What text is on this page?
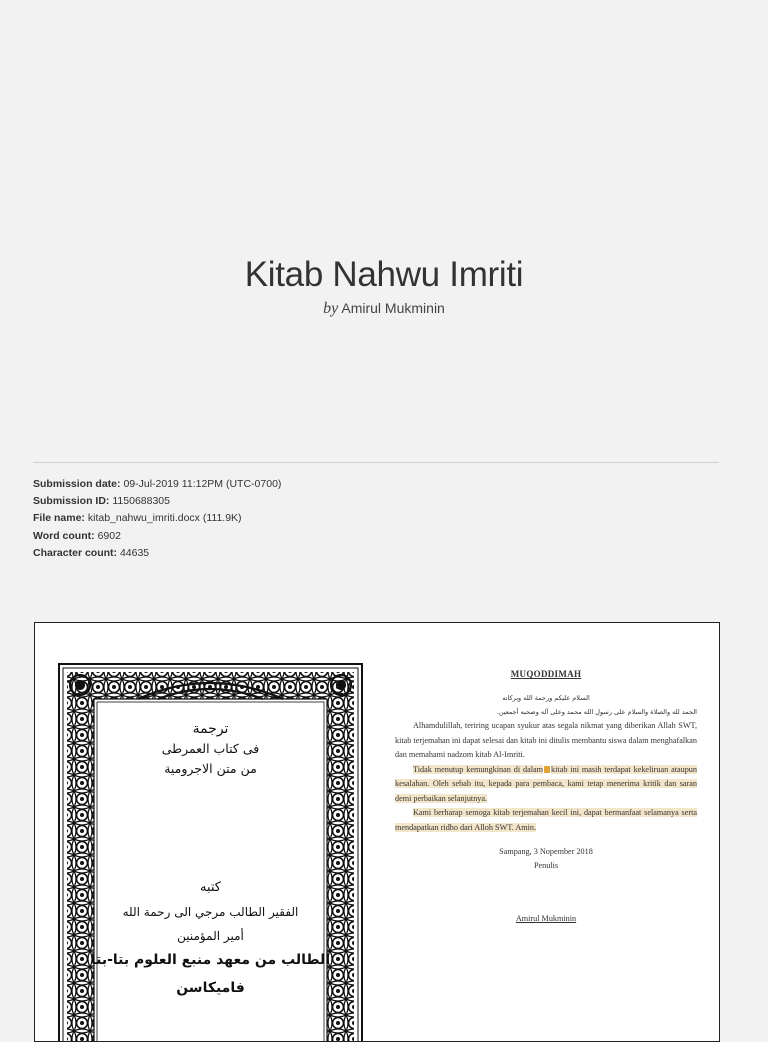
Kitab Nahwu Imriti
by Amirul Mukminin
Submission date: 09-Jul-2019 11:12PM (UTC-0700)
Submission ID: 1150688305
File name: kitab_nahwu_imriti.docx (111.9K)
Word count: 6902
Character count: 44635
ترجمة
فى كتاب العمرطى
من متن الاجرومية
كتبه
الفقير الطالب مرجي الى رحمة الله
أمير المؤمنين
الطالب من معهد منبع العلوم بتا-بتا
فاميكاسن
MUQODDIMAH
السلام عليكم ورحمة الله وبركاته
الحمد لله والصلاة والسلام على رسول الله محمد وعلى آله وصحبه أجمعين.
Alhamdulillah, teriring ucapan syukur atas segala nikmat yang diberikan Allah SWT, kitab terjemahan ini dapat selesai dan kitab ini ditulis membantu siswa dalam menghafalkan dan memahami nadzom kitab Al-Imriti.
Tidak menutup kemungkinan di dalam kitab ini masih terdapat kekeliruan ataupun kesalahan. Oleh sebab itu, kepada para pembaca, kami tetap menerima kritik dan saran demi perbaikan selanjutnya.
Kami berharap semoga kitab terjemahan kecil ini, dapat bermanfaat selamanya serta mendapatkan ridho dari Alloh SWT. Amin.
Sampang, 3 Nopember 2018
Penulis
Amirul Mukminin
